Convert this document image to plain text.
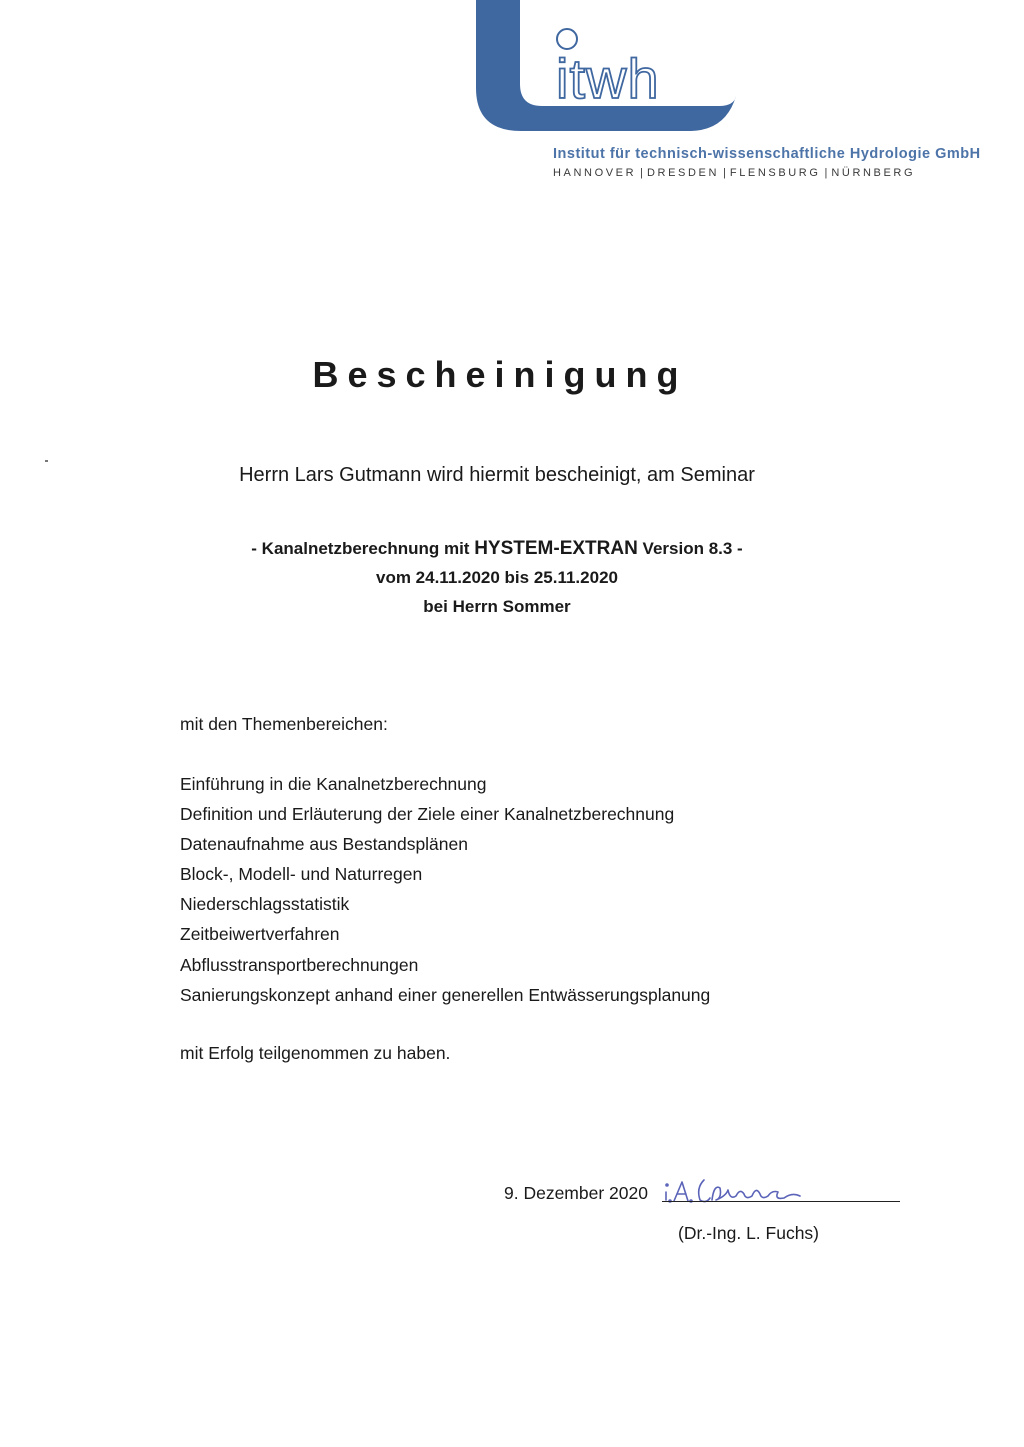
itwh
Institut für technisch-wissenschaftliche Hydrologie GmbH
HANNOVER | DRESDEN | FLENSBURG | NÜRNBERG
Bescheinigung
Herrn Lars Gutmann wird hiermit bescheinigt, am Seminar
- Kanalnetzberechnung mit HYSTEM-EXTRAN Version 8.3 -
vom 24.11.2020 bis 25.11.2020
bei Herrn Sommer
mit den Themenbereichen:
Einführung in die Kanalnetzberechnung
Definition und Erläuterung der Ziele einer Kanalnetzberechnung
Datenaufnahme aus Bestandsplänen
Block-, Modell- und Naturregen
Niederschlagsstatistik
Zeitbeiwertverfahren
Abflusstransportberechnungen
Sanierungskonzept anhand einer generellen Entwässerungsplanung
mit Erfolg teilgenommen zu haben.
9. Dezember 2020
(Dr.-Ing. L. Fuchs)
